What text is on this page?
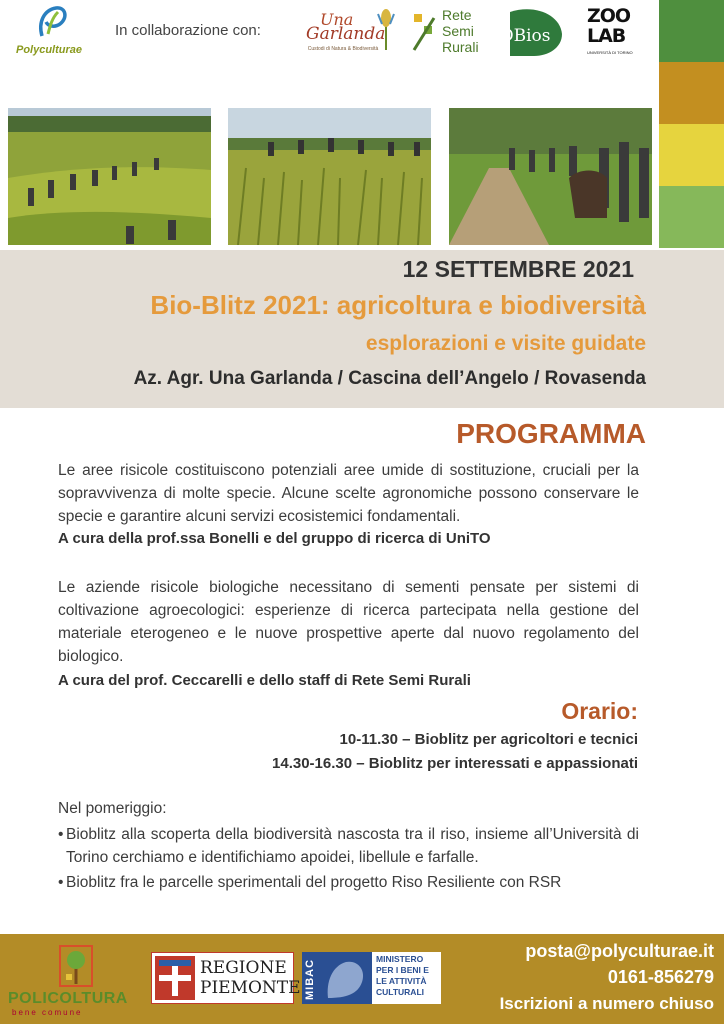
Polyculturae
In collaborazione con:
Una
Garlanda
Custodi di Natura & Biodiversità
Rete
Semi
Rurali
DBios
ZOO
LAB
UNIVERSITÀ DI TORINO
12 SETTEMBRE 2021
Bio-Blitz 2021: agricoltura e biodiversità
esplorazioni e visite guidate
Az. Agr. Una Garlanda / Cascina dell’Angelo / Rovasenda
PROGRAMMA
Le aree risicole costituiscono potenziali aree umide di sostituzione, cruciali per la sopravvivenza di molte specie. Alcune scelte agronomiche possono conservare le specie e garantire alcuni servizi ecosistemici fondamentali.
A cura della prof.ssa Bonelli e del gruppo di ricerca di UniTO
Le aziende risicole biologiche necessitano di sementi pensate per sistemi di coltivazione agroecologici: esperienze di ricerca partecipata nella gestione del materiale eterogeneo e le nuove prospettive aperte dal nuovo regolamento del biologico.
A cura del prof. Ceccarelli e dello staff di Rete Semi Rurali
Orario:
10-11.30 – Bioblitz per agricoltori e tecnici
14.30-16.30 – Bioblitz per interessati e appassionati
Nel pomeriggio:
• Bioblitz alla scoperta della biodiversità nascosta tra il riso, insieme all’Università di Torino cerchiamo e identifichiamo apoidei, libellule e farfalle.
• Bioblitz fra le parcelle sperimentali del progetto Riso Resiliente con RSR
POLICOLTURA
bene comune
REGIONE
PIEMONTE MIBAC	MINISTERO PER I BENI E LE ATTIVITÀ CULTURALI
posta@polyculturae.it
0161-856279
Iscrizioni a numero chiuso
